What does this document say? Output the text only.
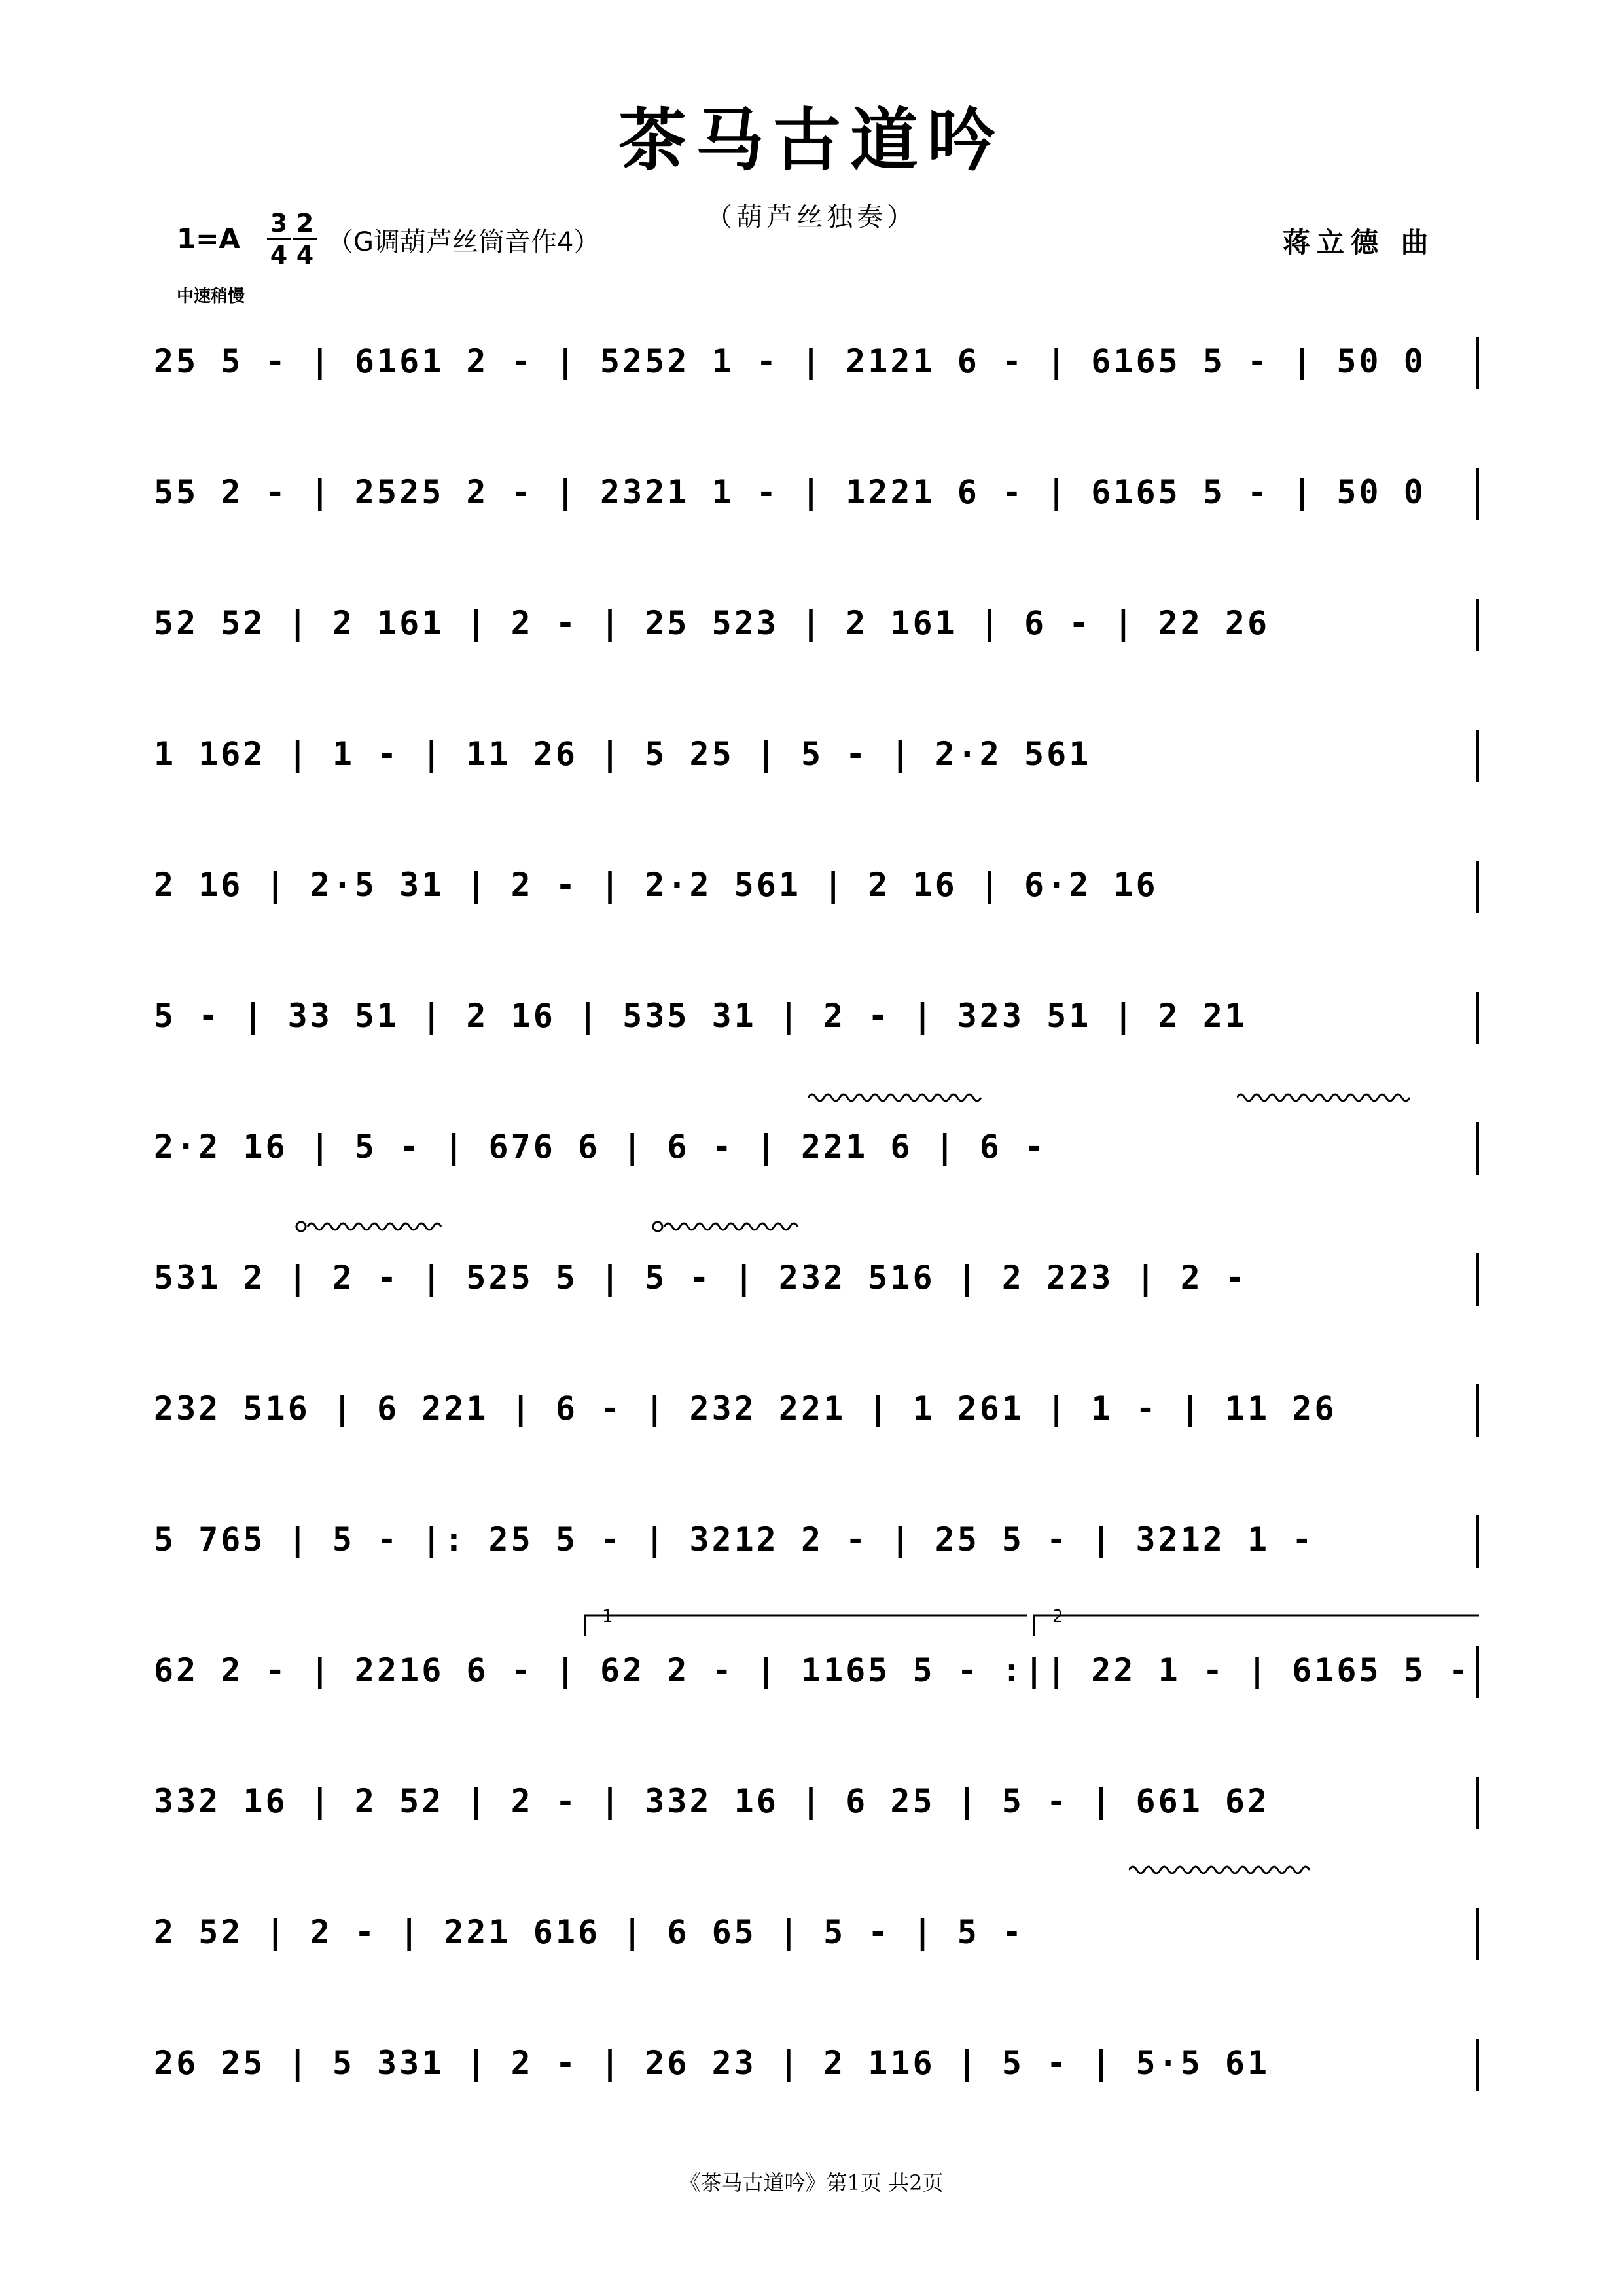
茶马古道吟
（葫芦丝独奏）
1=A 3
4
2
4 （G调葫芦丝筒音作4）	蒋立德 曲
中速稍慢
25 5 - | 6161 2 - | 5252 1 - | 2121 6 - | 6165 5 - | 50 0
55 2 - | 2525 2 - | 2321 1 - | 1221 6 - | 6165 5 - | 50 0
52 52 | 2 161 | 2 - | 25 523 | 2 161 | 6 - | 22 26
1 162 | 1 - | 11 26 | 5 25 | 5 - | 2·2 561
2 16 | 2·5 31 | 2 - | 2·2 561 | 2 16 | 6·2 16
5 - | 33 51 | 2 16 | 535 31 | 2 - | 323 51 | 2 21
2·2 16 | 5 - | 676 6 | 6 - | 221 6 | 6 -
531 2 | 2 - | 525 5 | 5 - | 232 516 | 2 223 | 2 -
232 516 | 6 221 | 6 - | 232 221 | 1 261 | 1 - | 11 26
5 765 | 5 - |: 25 5 - | 3212 2 - | 25 5 - | 3212 1 -
1	2
62 2 - | 2216 6 - | 62 2 - | 1165 5 - :|| 22 1 - | 6165 5 -
332 16 | 2 52 | 2 - | 332 16 | 6 25 | 5 - | 661 62
2 52 | 2 - | 221 616 | 6 65 | 5 - | 5 -
26 25 | 5 331 | 2 - | 26 23 | 2 116 | 5 - | 5·5 61
《茶马古道吟》第1页 共2页
